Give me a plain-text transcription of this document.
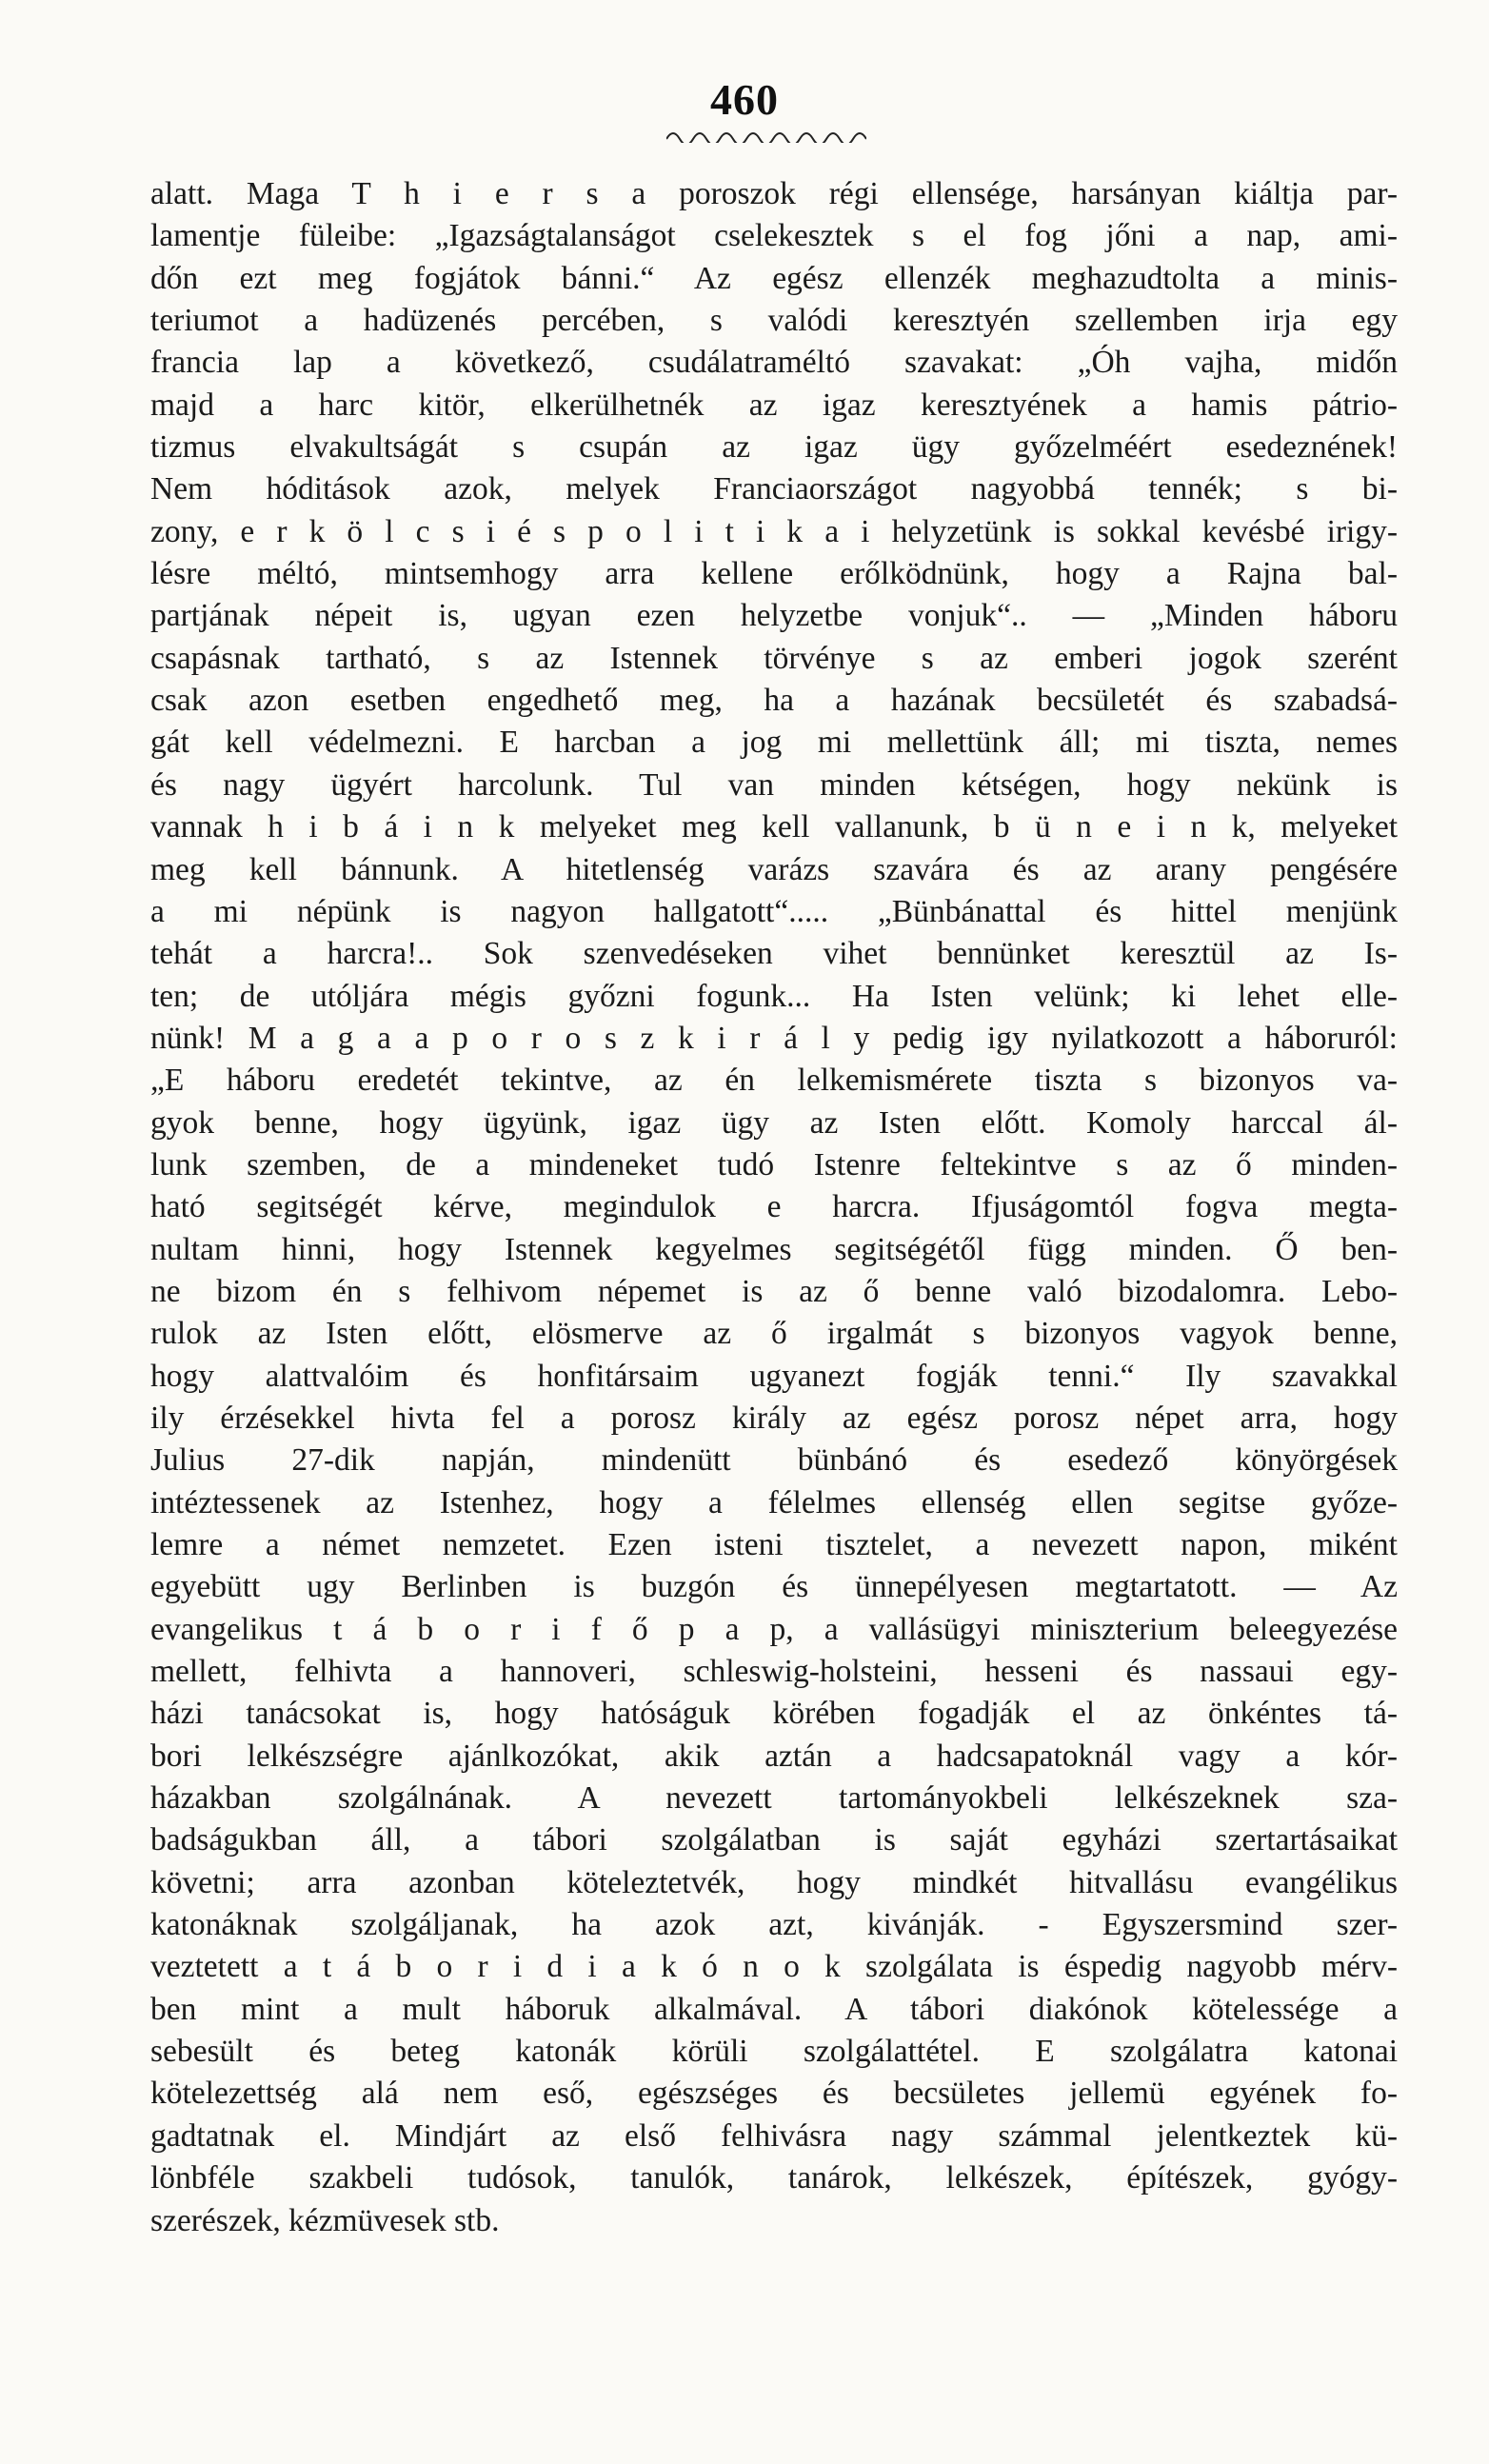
460
alatt. Maga T h i e r s a poroszok régi ellensége, harsányan kiáltja par-
lamentje füleibe: „Igazságtalanságot cselekesztek s el fog jőni a nap, ami-
dőn ezt meg fogjátok bánni.“ Az egész ellenzék meghazudtolta a minis-
teriumot a hadüzenés percében, s valódi keresztyén szellemben irja egy
francia lap a következő, csudálatraméltó szavakat: „Óh vajha, midőn
majd a harc kitör, elkerülhetnék az igaz keresztyének a hamis pátrio-
tizmus elvakultságát s csupán az igaz ügy győzelméért esedeznének!
Nem hóditások azok, melyek Franciaországot nagyobbá tennék; s bi-
zony, e r k ö l c s i é s p o l i t i k a i helyzetünk is sokkal kevésbé irigy-
lésre méltó, mintsemhogy arra kellene erőlködnünk, hogy a Rajna bal-
partjának népeit is, ugyan ezen helyzetbe vonjuk“.. — „Minden háboru
csapásnak tartható, s az Istennek törvénye s az emberi jogok szerént
csak azon esetben engedhető meg, ha a hazának becsületét és szabadsá-
gát kell védelmezni. E harcban a jog mi mellettünk áll; mi tiszta, nemes
és nagy ügyért harcolunk. Tul van minden kétségen, hogy nekünk is
vannak h i b á i n k melyeket meg kell vallanunk, b ü n e i n k, melyeket
meg kell bánnunk. A hitetlenség varázs szavára és az arany pengésére
a mi népünk is nagyon hallgatott“..... „Bünbánattal és hittel menjünk
tehát a harcra!.. Sok szenvedéseken vihet bennünket keresztül az Is-
ten; de utóljára mégis győzni fogunk... Ha Isten velünk; ki lehet elle-
nünk! M a g a a p o r o s z k i r á l y pedig igy nyilatkozott a háboruról:
„E háboru eredetét tekintve, az én lelkemismérete tiszta s bizonyos va-
gyok benne, hogy ügyünk, igaz ügy az Isten előtt. Komoly harccal ál-
lunk szemben, de a mindeneket tudó Istenre feltekintve s az ő minden-
ható segitségét kérve, megindulok e harcra. Ifjuságomtól fogva megta-
nultam hinni, hogy Istennek kegyelmes segitségétől függ minden. Ő ben-
ne bizom én s felhivom népemet is az ő benne való bizodalomra. Lebo-
rulok az Isten előtt, elösmerve az ő irgalmát s bizonyos vagyok benne,
hogy alattvalóim és honfitársaim ugyanezt fogják tenni.“ Ily szavakkal
ily érzésekkel hivta fel a porosz király az egész porosz népet arra, hogy
Julius 27-dik napján, mindenütt bünbánó és esedező könyörgések
intéztessenek az Istenhez, hogy a félelmes ellenség ellen segitse győze-
lemre a német nemzetet. Ezen isteni tisztelet, a nevezett napon, miként
egyebütt ugy Berlinben is buzgón és ünnepélyesen megtartatott. — Az
evangelikus t á b o r i f ő p a p, a vallásügyi miniszterium beleegyezése
mellett, felhivta a hannoveri, schleswig-holsteini, hesseni és nassaui egy-
házi tanácsokat is, hogy hatóságuk körében fogadják el az önkéntes tá-
bori lelkészségre ajánlkozókat, akik aztán a hadcsapatoknál vagy a kór-
házakban szolgálnának. A nevezett tartományokbeli lelkészeknek sza-
badságukban áll, a tábori szolgálatban is saját egyházi szertartásaikat
követni; arra azonban köteleztetvék, hogy mindkét hitvallásu evangélikus
katonáknak szolgáljanak, ha azok azt, kivánják. - Egyszersmind szer-
veztetett a t á b o r i d i a k ó n o k szolgálata is éspedig nagyobb mérv-
ben mint a mult háboruk alkalmával. A tábori diakónok kötelessége a
sebesült és beteg katonák körüli szolgálattétel. E szolgálatra katonai
kötelezettség alá nem eső, egészséges és becsületes jellemü egyének fo-
gadtatnak el. Mindjárt az első felhivásra nagy számmal jelentkeztek kü-
lönbféle szakbeli tudósok, tanulók, tanárok, lelkészek, építészek, gyógy-
szerészek, kézmüvesek stb.
